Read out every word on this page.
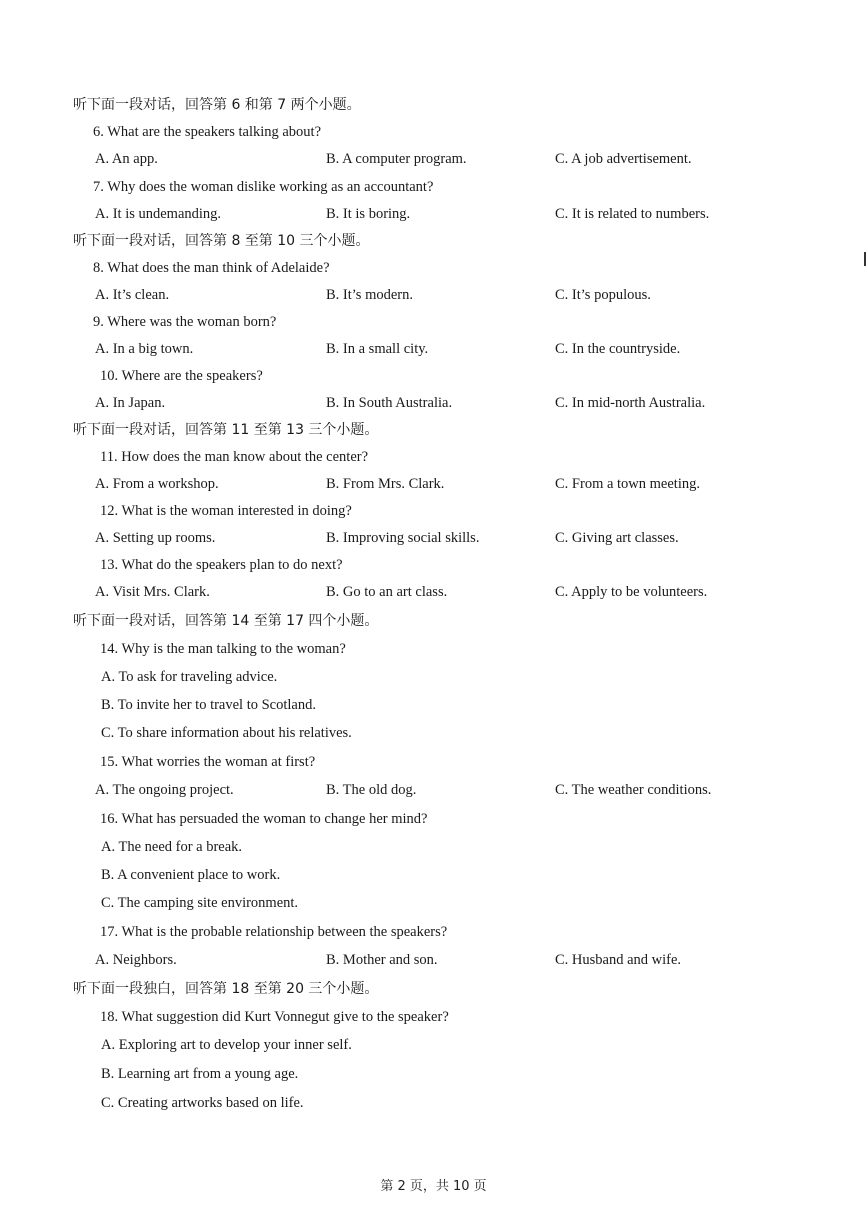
听下面一段对话，回答第 6 和第 7 两个小题。
6. What are the speakers talking about?
A. An app.	B. A computer program.	C. A job advertisement.
7. Why does the woman dislike working as an accountant?
A. It is undemanding.	B. It is boring.	C. It is related to numbers.
听下面一段对话，回答第 8 至第 10 三个小题。
8. What does the man think of Adelaide?
A. It’s clean.	B. It’s modern.	C. It’s populous.
9. Where was the woman born?
A. In a big town.	B. In a small city.	C. In the countryside.
10. Where are the speakers?
A. In Japan.	B. In South Australia.	C. In mid-north Australia.
听下面一段对话，回答第 11 至第 13 三个小题。
11. How does the man know about the center?
A. From a workshop.	B. From Mrs. Clark.	C. From a town meeting.
12. What is the woman interested in doing?
A. Setting up rooms.	B. Improving social skills.	C. Giving art classes.
13. What do the speakers plan to do next?
A. Visit Mrs. Clark.	B. Go to an art class.	C. Apply to be volunteers.
听下面一段对话，回答第 14 至第 17 四个小题。
14. Why is the man talking to the woman?
A. To ask for traveling advice.
B. To invite her to travel to Scotland.
C. To share information about his relatives.
15. What worries the woman at first?
A. The ongoing project.	B. The old dog.	C. The weather conditions.
16. What has persuaded the woman to change her mind?
A. The need for a break.
B. A convenient place to work.
C. The camping site environment.
17. What is the probable relationship between the speakers?
A. Neighbors.	B. Mother and son.	C. Husband and wife.
听下面一段独白，回答第 18 至第 20 三个小题。
18. What suggestion did Kurt Vonnegut give to the speaker?
A. Exploring art to develop your inner self.
B. Learning art from a young age.
C. Creating artworks based on life.
第 2 页，共 10 页
